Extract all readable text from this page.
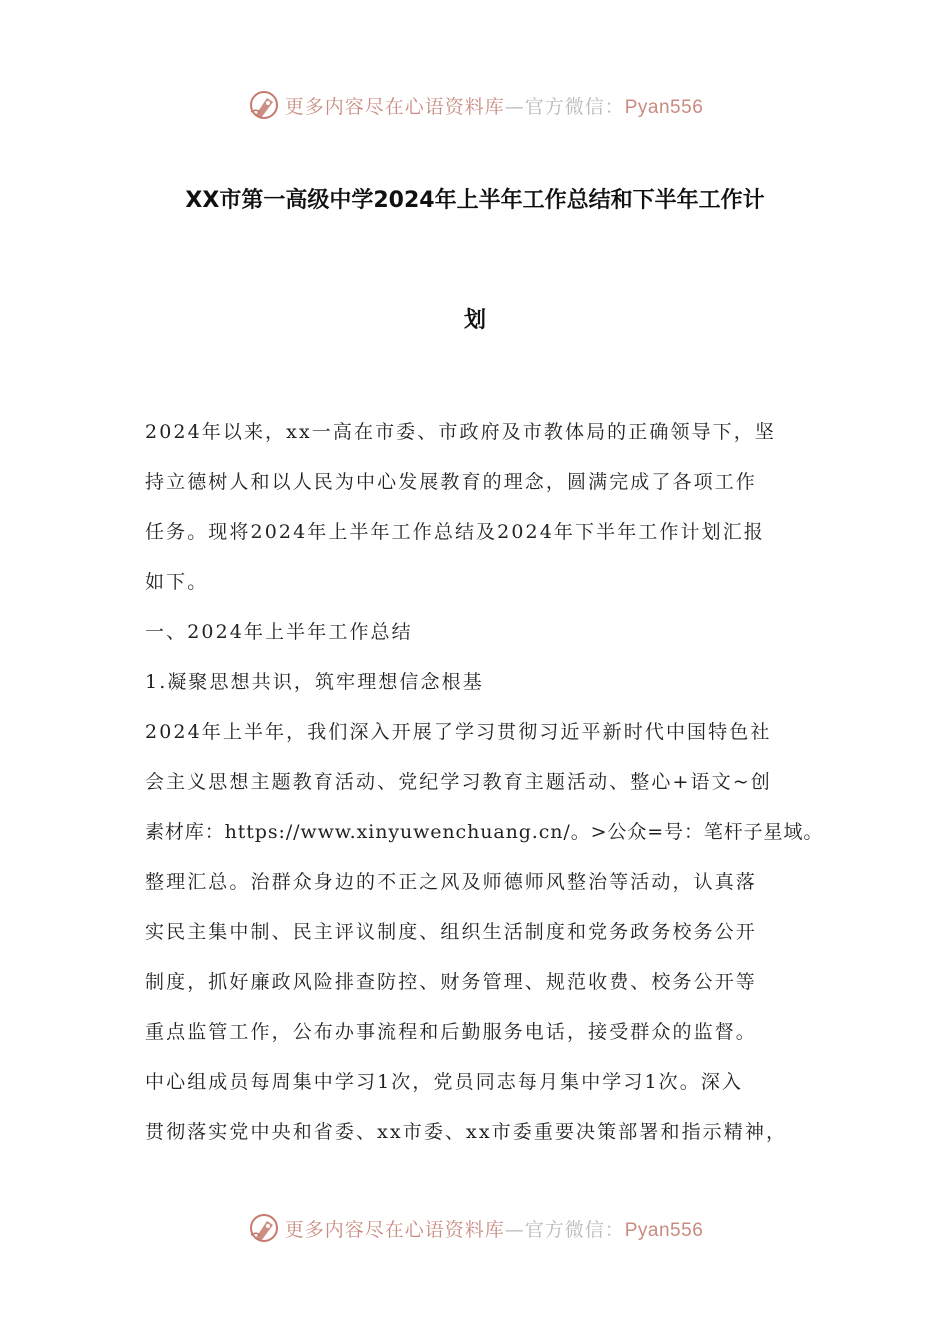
更多内容尽在心语资料库—官方微信：Pyan556
XX市第一高级中学2024年上半年工作总结和下半年工作计
划
2024年以来，xx一高在市委、市政府及市教体局的正确领导下，坚
持立德树人和以人民为中心发展教育的理念，圆满完成了各项工作
任务。现将2024年上半年工作总结及2024年下半年工作计划汇报
如下。
一、2024年上半年工作总结
1.凝聚思想共识，筑牢理想信念根基
2024年上半年，我们深入开展了学习贯彻习近平新时代中国特色社
会主义思想主题教育活动、党纪学习教育主题活动、整心+语文~创
素材库：https://www.xinyuwenchuang.cn/。>公众=号：笔杆子星域。
整理汇总。治群众身边的不正之风及师德师风整治等活动，认真落
实民主集中制、民主评议制度、组织生活制度和党务政务校务公开
制度，抓好廉政风险排查防控、财务管理、规范收费、校务公开等
重点监管工作，公布办事流程和后勤服务电话，接受群众的监督。
中心组成员每周集中学习1次，党员同志每月集中学习1次。深入
贯彻落实党中央和省委、xx市委、xx市委重要决策部署和指示精神，
更多内容尽在心语资料库—官方微信：Pyan556
